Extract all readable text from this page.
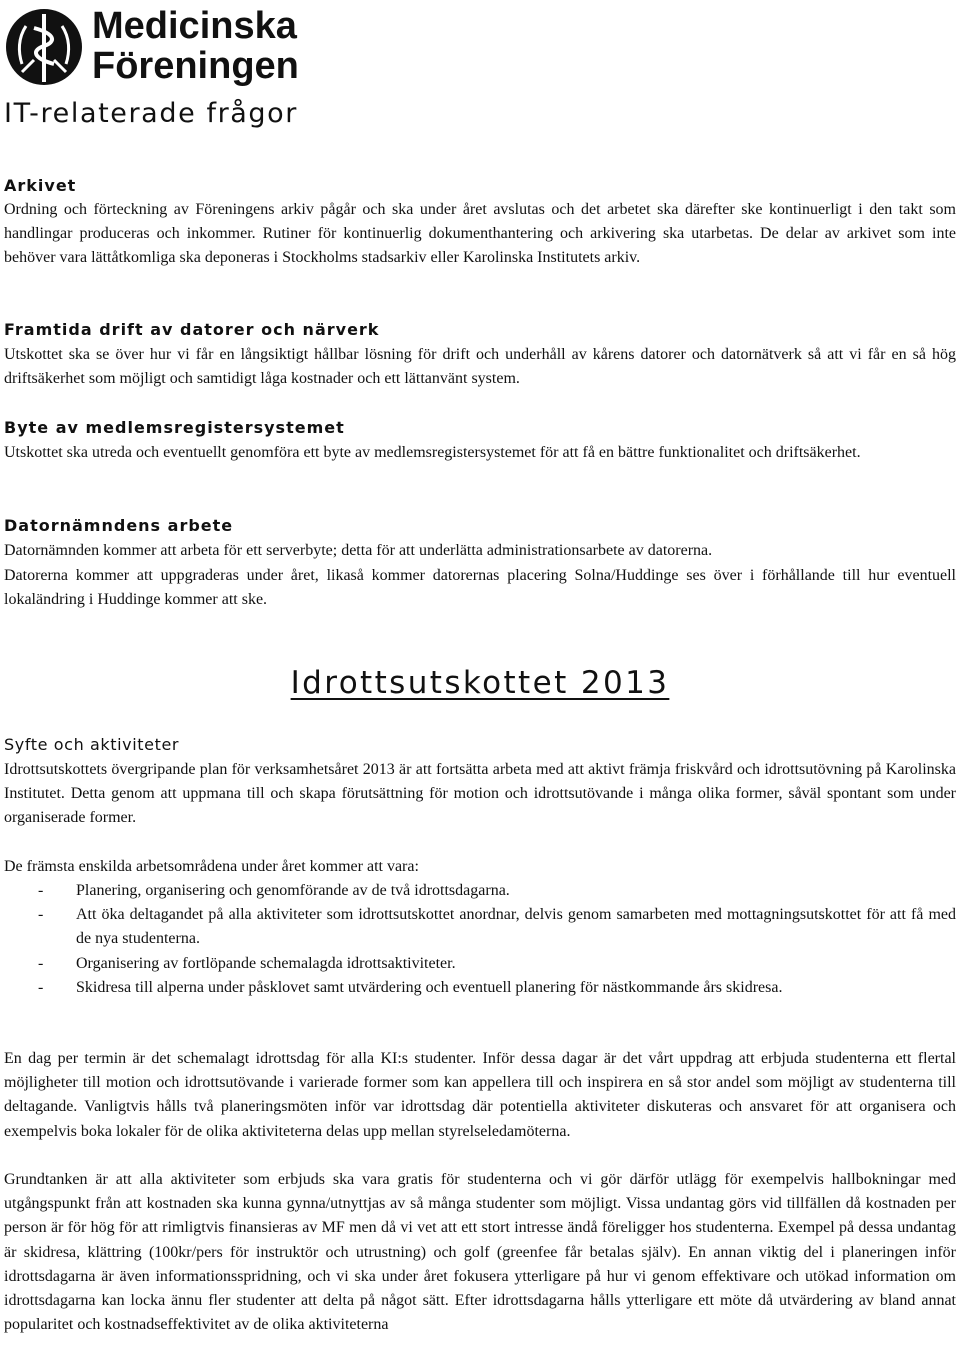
Medicinska
Föreningen
IT-relaterade frågor
Arkivet

Ordning och förteckning av Föreningens arkiv pågår och ska under året avslutas och det arbetet ska därefter ske kontinuerligt i den takt som handlingar produceras och inkommer. Rutiner för kontinuerlig dokumenthantering och arkivering ska utarbetas. De delar av arkivet som inte behöver vara lättåtkomliga ska deponeras i Stockholms stadsarkiv eller Karolinska Institutets arkiv.

Framtida drift av datorer och närverk

Utskottet ska se över hur vi får en långsiktigt hållbar lösning för drift och underhåll av kårens datorer och datornätverk så att vi får en så hög driftsäkerhet som möjligt och samtidigt låga kostnader och ett lättanvänt system.

Byte av medlemsregistersystemet

Utskottet ska utreda och eventuellt genomföra ett byte av medlemsregistersystemet för att få en bättre funktionalitet och driftsäkerhet.

Datornämndens arbete

Datornämnden kommer att arbeta för ett serverbyte; detta för att underlätta administrationsarbete av datorerna.

Datorerna kommer att uppgraderas under året, likaså kommer datorernas placering Solna/Huddinge ses över i förhållande till hur eventuell lokaländring i Huddinge kommer att ske.

Idrottsutskottet 2013
Syfte och aktiviteter

Idrottsutskottets övergripande plan för verksamhetsåret 2013 är att fortsätta arbeta med att aktivt främja friskvård och idrottsutövning på Karolinska Institutet. Detta genom att uppmana till och skapa förutsättning för motion och idrottsutövande i många olika former, såväl spontant som under organiserade former.

De främsta enskilda arbetsområdena under året kommer att vara:

- Planering, organisering och genomförande av de två idrottsdagarna.
- Att öka deltagandet på alla aktiviteter som idrottsutskottet anordnar, delvis genom samarbeten med mottagningsutskottet för att få med de nya studenterna.
- Organisering av fortlöpande schemalagda idrottsaktiviteter.
- Skidresa till alperna under påsklovet samt utvärdering och eventuell planering för nästkommande års skidresa.

En dag per termin är det schemalagt idrottsdag för alla KI:s studenter. Inför dessa dagar är det vårt uppdrag att erbjuda studenterna ett flertal möjligheter till motion och idrottsutövande i varierade former som kan appellera till och inspirera en så stor andel som möjligt av studenterna till deltagande. Vanligtvis hålls två planeringsmöten inför var idrottsdag där potentiella aktiviteter diskuteras och ansvaret för att organisera och exempelvis boka lokaler för de olika aktiviteterna delas upp mellan styrelseledamöterna.

Grundtanken är att alla aktiviteter som erbjuds ska vara gratis för studenterna och vi gör därför utlägg för exempelvis hallbokningar med utgångspunkt från att kostnaden ska kunna gynna/utnyttjas av så många studenter som möjligt. Vissa undantag görs vid tillfällen då kostnaden per person är för hög för att rimligtvis finansieras av MF men då vi vet att ett stort intresse ändå föreligger hos studenterna. Exempel på dessa undantag är skidresa, klättring (100kr/pers för instruktör och utrustning) och golf (greenfee får betalas själv). En annan viktig del i planeringen inför idrottsdagarna är även informationsspridning, och vi ska under året fokusera ytterligare på hur vi genom effektivare och utökad information om idrottsdagarna kan locka ännu fler studenter att delta på något sätt. Efter idrottsdagarna hålls ytterligare ett möte då utvärdering av bland annat popularitet och kostnadseffektivitet av de olika aktiviteterna
